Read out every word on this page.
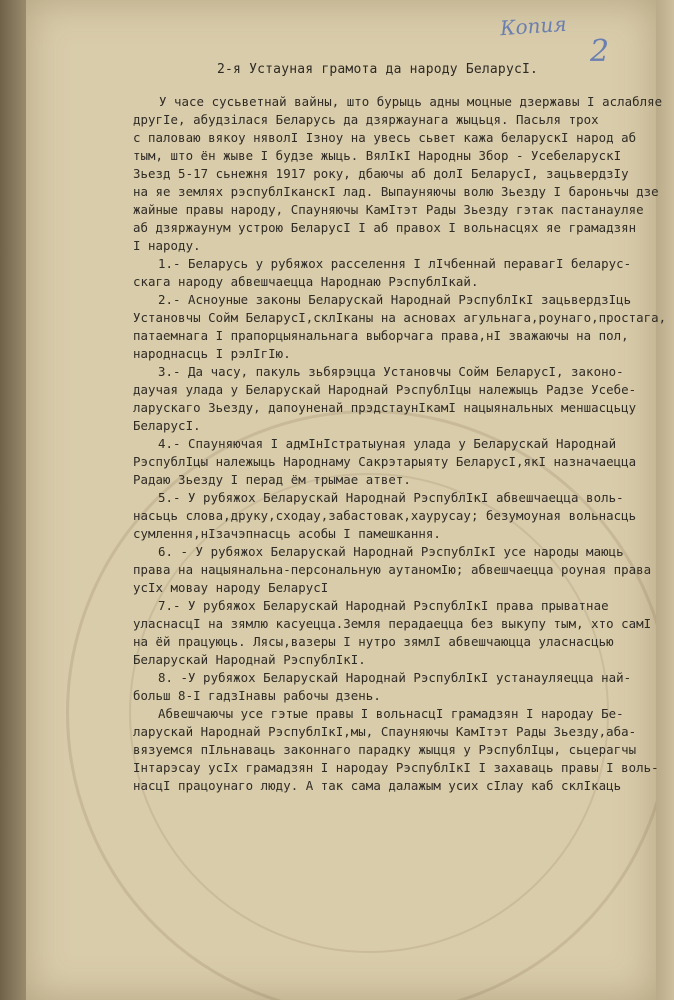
Копия
2
2-я Устауная грамота да народу БеларусI.
У часе сусьветнай вайны, што бурыць адны моцные дзержавы I аслабляе
другIе, абудзiлася Беларусь да дзяржаунага жыцьця. Пасьля трох
с паловаю вякоу няволI Iзноу на увесь сьвет кажа беларускI народ аб
тым, што ён жыве I будзе жыць. ВялIкI Народны Збор - УсебеларускI
Зьезд 5-17 сьнежня 1917 року, дбаючы аб долI БеларусI, зацьвердзIу
на яе землях рэспублIканскI лад. Выпауняючы волю Зьезду I бароньчы дзе
жайные правы народу, Спауняючы КамIтэт Рады Зьезду гэтак пастанауляе
аб дзяржаунум устрою БеларусI I аб правох I вольнасцях яе грамадзян
I народу.
1.- Беларусь у рубяжох расселення I лIчбеннай перавагI беларус-
скага народу абвешчаецца Народнаю РэспублIкай.
2.- Асноуные законы Беларускай Народнай РэспублIкI зацьвердзIць
Установчы Сойм БеларусI,склIканы на асновах агульнага,роунаго,простага,
патаемнага I прапорцыянальнага выборчага права,нI зважаючы на пол,
народнасць I рэлIгIю.
3.- Да часу, пакуль зьбярэцца Установчы Сойм БеларусI, законо-
даучая улада у Беларускай Народнай РэспублIцы належыць Радзе Усебе-
ларускаго Зьезду, дапоуненай прэдстаунIкамI нацыянальных меншасцьцу
БеларусI.
4.- Спауняючая I адмIнIстратыуная улада у Беларускай Народнай
РэспублIцы належыць Народнаму Сакрэтарыяту БеларусI,якI назначаецца
Радаю Зьезду I перад ём трымае атвет.
5.- У рубяжох Беларускай Народнай РэспублIкI абвешчаецца воль-
насьць слова,друку,сходау,забастовак,хаурусау; безумоуная вольнасць
сумлення,нIзачэпнасць асобы I памешкання.
6. - У рубяжох Беларускай Народнай РэспублIкI усе народы маюць
права на нацыянальна-персональную аутаномIю; абвешчаецца роуная права
усIх мовау народу БеларусI
7.- У рубяжох Беларускай Народнай РэспублIкI права прыватнае
уласнасцI на зямлю касуецца.Земля перадаецца без выкупу тым, хто самI
на ёй працуюць. Лясы,вазеры I нутро зямлI абвешчаюцца уласнасцью
Беларускай Народнай РэспублIкI.
8. -У рубяжох Беларускай Народнай РэспублIкI устанауляецца най-
больш 8-I гадзIнавы рабочы дзень.
Абвешчаючы усе гэтые правы I вольнасцI грамадзян I народау Бе-
ларускай Народнай РэспублIкI,мы, Спауняючы КамIтэт Рады Зьезду,аба-
вязуемся пIльнаваць законнаго парадку жыцця у РэспублIцы, сьцерагчы
Iнтарэсау усIх грамадзян I народау РэспублIкI I захаваць правы I воль-
насцI працоунаго люду. А так сама далажым усих сIлау каб склIкаць
